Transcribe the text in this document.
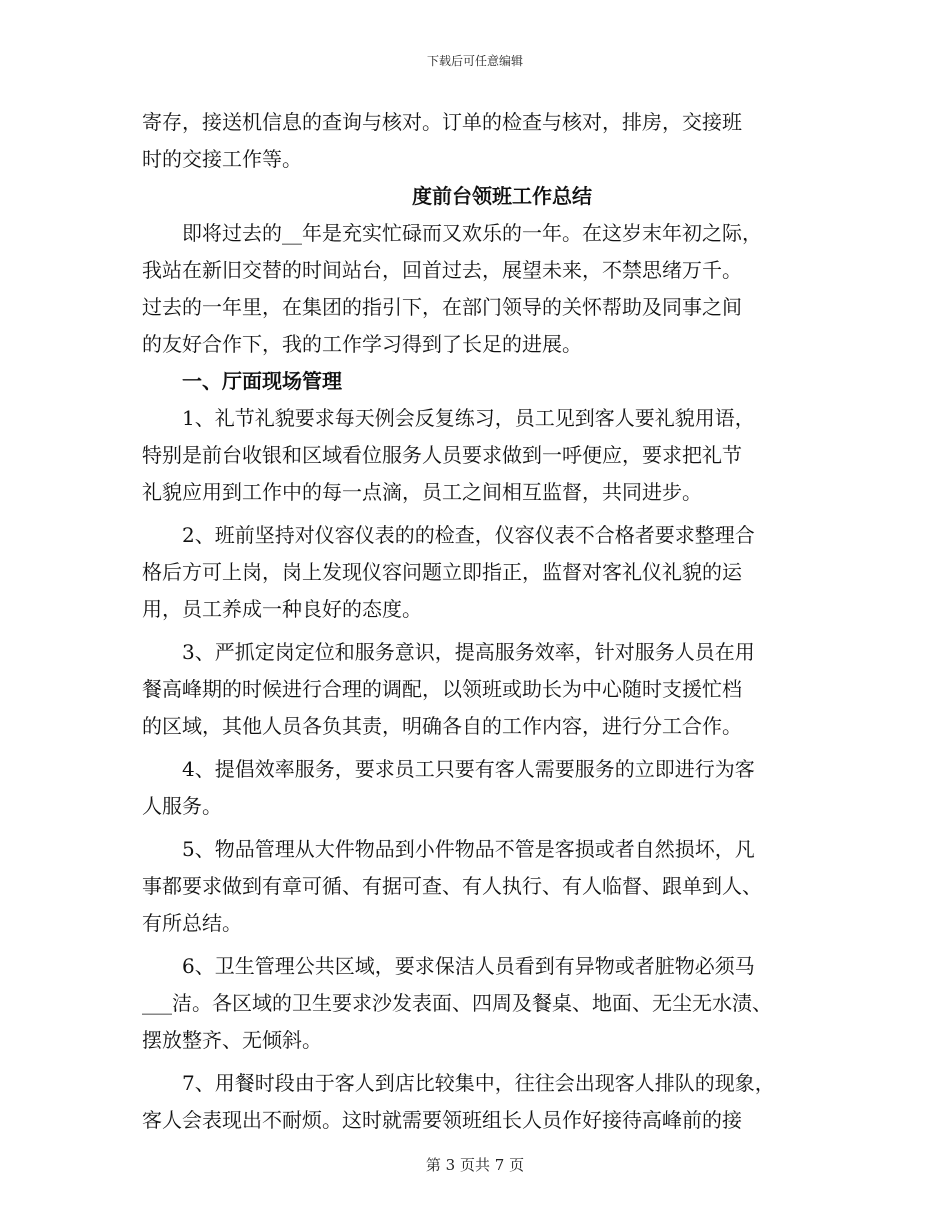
下载后可任意编辑
寄存，接送机信息的查询与核对。订单的检查与核对，排房，交接班
时的交接工作等。
度前台领班工作总结
即将过去的__年是充实忙碌而又欢乐的一年。在这岁末年初之际，
我站在新旧交替的时间站台，回首过去，展望未来，不禁思绪万千。
过去的一年里，在集团的指引下，在部门领导的关怀帮助及同事之间
的友好合作下，我的工作学习得到了长足的进展。
一、厅面现场管理
1、礼节礼貌要求每天例会反复练习，员工见到客人要礼貌用语，
特别是前台收银和区域看位服务人员要求做到一呼便应，要求把礼节
礼貌应用到工作中的每一点滴，员工之间相互监督，共同进步。
2、班前坚持对仪容仪表的的检查，仪容仪表不合格者要求整理合
格后方可上岗，岗上发现仪容问题立即指正，监督对客礼仪礼貌的运
用，员工养成一种良好的态度。
3、严抓定岗定位和服务意识，提高服务效率，针对服务人员在用
餐高峰期的时候进行合理的调配，以领班或助长为中心随时支援忙档
的区域，其他人员各负其责，明确各自的工作内容，进行分工合作。
4、提倡效率服务，要求员工只要有客人需要服务的立即进行为客
人服务。
5、物品管理从大件物品到小件物品不管是客损或者自然损坏，凡
事都要求做到有章可循、有据可查、有人执行、有人临督、跟单到人、
有所总结。
6、卫生管理公共区域，要求保洁人员看到有异物或者脏物必须马
___洁。各区域的卫生要求沙发表面、四周及餐桌、地面、无尘无水渍、
摆放整齐、无倾斜。
7、用餐时段由于客人到店比较集中，往往会出现客人排队的现象，
客人会表现出不耐烦。这时就需要领班组长人员作好接待高峰前的接
第 3 页共 7 页
